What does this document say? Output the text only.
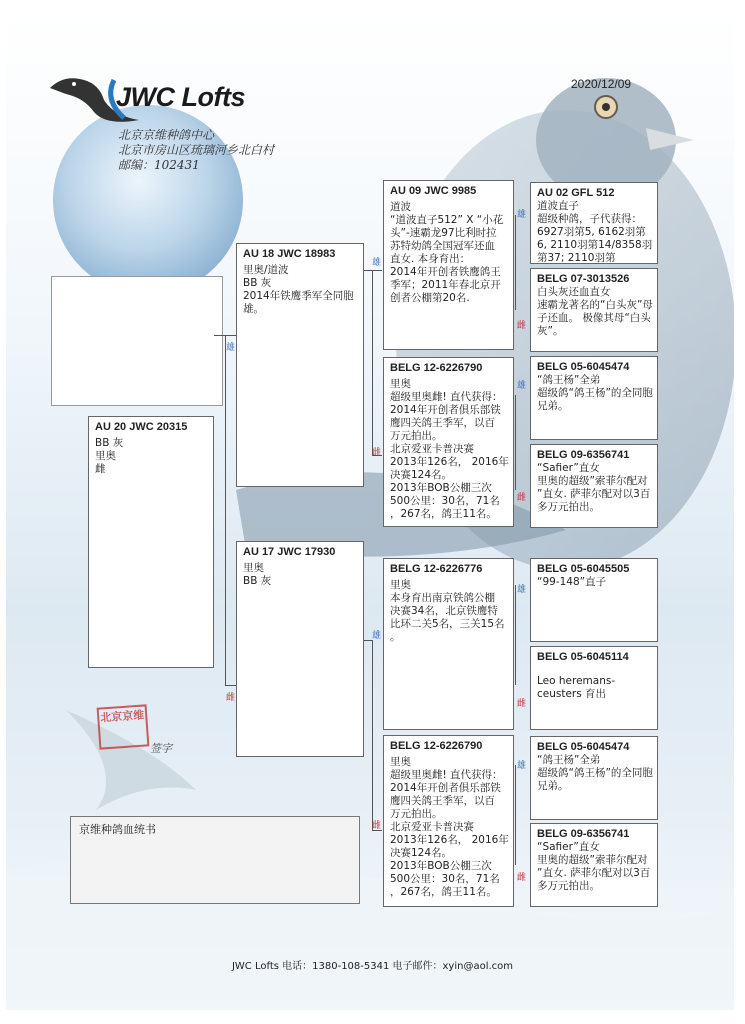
JWC Lofts
北京京维种鸽中心
北京市房山区琉璃河乡北白村
邮编：102431
2020/12/09
AU 20 JWC 20315
BB 灰
里奥
雌
雄
AU 18 JWC 18983
里奥/道波
BB 灰
2014年铁鹰季军全同胞
雄。
雌
AU 17 JWC 17930
里奥
BB 灰
雄
AU 09 JWC 9985
道波
“道波直子512” X “小花
头”-速霸龙97比利时拉
苏特幼鸽全国冠军还血
直女. 本身育出：
2014年开创者铁鹰鸽王
季军；2011年春北京开
创者公棚第20名.
雌
BELG 12-6226790
里奥
超级里奥雌! 直代获得：
2014年开创者俱乐部铁
鹰四关鸽王季军，以百
万元拍出。
北京爱亚卡普决赛
2013年126名， 2016年
决赛124名。
2013年BOB公棚三次
500公里：30名，71名
，267名，鸽王11名。
雄
BELG 12-6226776
里奥
本身育出南京铁鸽公棚
决赛34名，北京铁鹰特
比环二关5名，三关15名
。
雌
BELG 12-6226790
里奥
超级里奥雌! 直代获得：
2014年开创者俱乐部铁
鹰四关鸽王季军，以百
万元拍出。
北京爱亚卡普决赛
2013年126名， 2016年
决赛124名。
2013年BOB公棚三次
500公里：30名，71名
，267名，鸽王11名。
雄
AU 02 GFL 512
道波直子
超级种鸽，子代获得：
6927羽第5, 6162羽第
6, 2110羽第14/8358羽
第37; 2110羽第
雌
BELG 07-3013526
白头灰还血直女
速霸龙著名的“白头灰”母
子还血。 极像其母“白头
灰”。
雄
BELG 05-6045474
“鸽王杨”全弟
超级鸽“鸽王杨”的全同胞
兄弟。
雌
BELG 09-6356741
“Safier”直女
里奥的超级”索菲尔配对
”直女. 萨菲尔配对以3百
多万元拍出。
雄
BELG 05-6045505
“99-148”直子
雌
BELG 05-6045114
Leo heremans-
ceusters 育出
雄
BELG 05-6045474
“鸽王杨”全弟
超级鸽“鸽王杨”的全同胞
兄弟。
雌
BELG 09-6356741
“Safier”直女
里奥的超级”索菲尔配对
”直女. 萨菲尔配对以3百
多万元拍出。
北京京维
签字
京维种鸽血统书
JWC Lofts 电话：1380-108-5341 电子邮件：xyin@aol.com
